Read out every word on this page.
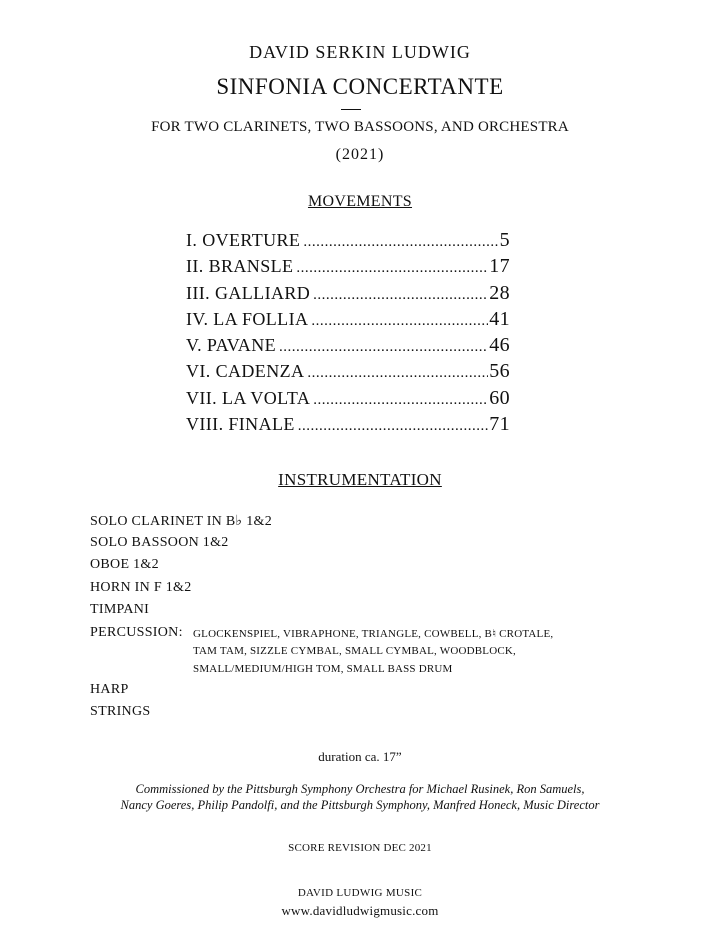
DAVID SERKIN LUDWIG
SINFONIA CONCERTANTE
FOR TWO CLARINETS, TWO BASSOONS, AND ORCHESTRA
(2021)
MOVEMENTS
I. OVERTURE .....	5
II. BRANSLE .....	17
III. GALLIARD .....	28
IV. LA FOLLIA .....	41
V. PAVANE .....	46
VI. CADENZA .....	56
VII. LA VOLTA .....	60
VIII. FINALE .....	71
INSTRUMENTATION
SOLO CLARINET IN B♭ 1&2
SOLO BASSOON 1&2
OBOE 1&2
HORN IN F 1&2
TIMPANI
PERCUSSION: GLOCKENSPIEL, VIBRAPHONE, TRIANGLE, COWBELL, B♮ CROTALE,
TAM TAM, SIZZLE CYMBAL, SMALL CYMBAL, WOODBLOCK,
SMALL/MEDIUM/HIGH TOM, SMALL BASS DRUM
HARP
STRINGS
duration ca. 17”
Commissioned by the Pittsburgh Symphony Orchestra for Michael Rusinek, Ron Samuels,
Nancy Goeres, Philip Pandolfi, and the Pittsburgh Symphony, Manfred Honeck, Music Director
SCORE REVISION DEC 2021
DAVID LUDWIG MUSIC
www.davidludwigmusic.com
